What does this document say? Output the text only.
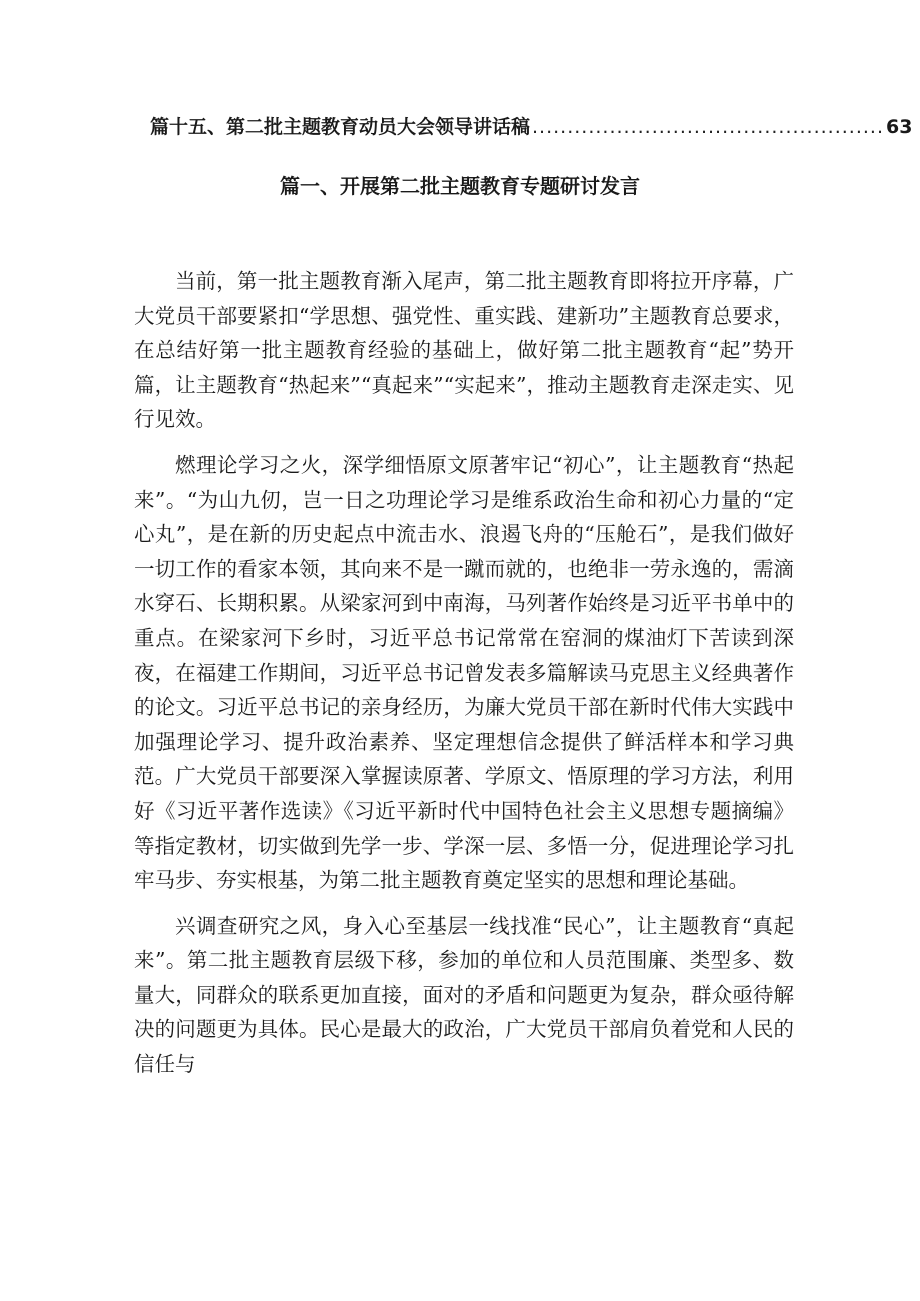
篇十五、第二批主题教育动员大会领导讲话稿 .................................................. 63
篇一、开展第二批主题教育专题研讨发言

当前，第一批主题教育渐入尾声，第二批主题教育即将拉开序幕，广大党员干部要紧扣“学思想、强党性、重实践、建新功”主题教育总要求，在总结好第一批主题教育经验的基础上，做好第二批主题教育“起”势开篇，让主题教育“热起来”“真起来”“实起来”，推动主题教育走深走实、见行见效。

燃理论学习之火，深学细悟原文原著牢记“初心”，让主题教育“热起来”。“为山九仞，岂一日之功理论学习是维系政治生命和初心力量的“定心丸”，是在新的历史起点中流击水、浪遏飞舟的“压舱石”，是我们做好一切工作的看家本领，其向来不是一蹴而就的，也绝非一劳永逸的，需滴水穿石、长期积累。从梁家河到中南海，马列著作始终是习近平书单中的重点。在梁家河下乡时，习近平总书记常常在窑洞的煤油灯下苦读到深夜，在福建工作期间，习近平总书记曾发表多篇解读马克思主义经典著作的论文。习近平总书记的亲身经历，为廉大党员干部在新时代伟大实践中加强理论学习、提升政治素养、坚定理想信念提供了鲜活样本和学习典范。广大党员干部要深入掌握读原著、学原文、悟原理的学习方法，利用好《习近平著作选读》《习近平新时代中国特色社会主义思想专题摘编》等指定教材，切实做到先学一步、学深一层、多悟一分，促进理论学习扎牢马步、夯实根基，为第二批主题教育奠定坚实的思想和理论基础。

兴调查研究之风，身入心至基层一线找准“民心”，让主题教育“真起来”。第二批主题教育层级下移，参加的单位和人员范围廉、类型多、数量大，同群众的联系更加直接，面对的矛盾和问题更为复杂，群众亟待解决的问题更为具体。民心是最大的政治，广大党员干部肩负着党和人民的信任与
